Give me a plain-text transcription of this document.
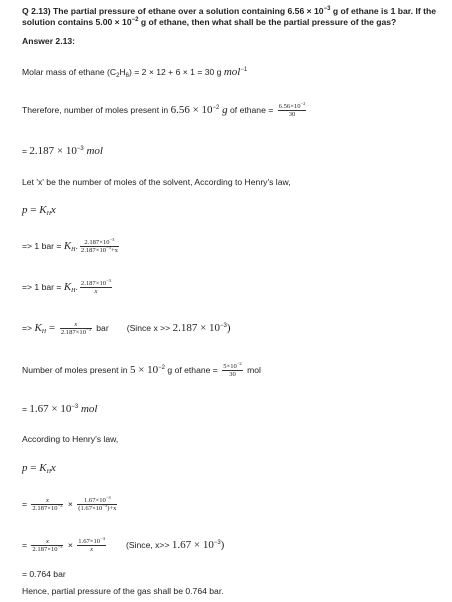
Q 2.13) The partial pressure of ethane over a solution containing $6.56 \times 10^{-3}$ g of ethane is 1 bar. If the
solution contains $5.00 \times 10^{-2}$ g of ethane, then what shall be the partial pressure of the gas?
Answer 2.13:
Molar mass of ethane $(C_2H_6) = 2 \times 12 + 6 \times 1 = 30$ g mol$^{-1}$
Therefore, number of moles present in $6.56 \times 10^{-2}$ g of ethane = $\frac{6.56\times 10^{-2}}{30}$
= $2.187 \times 10^{-3}$ mol
Let 'x' be the number of moles of the solvent, According to Henry's law,
$p = K_Hx$
=> 1 bar = $K_H$. $\frac{2.187\times 10^{-3}}{2.187\times 10^{-3}+x}$
=> 1 bar = $K_H$. $\frac{2.187\times 10^{-3}}{x}$
=> $K_H = \frac{x}{2.187\times 10^{-3}}$ bar (Since $x >> 2.187 \times 10^{-3}$)
Number of moles present in $5 \times 10^{-2}$ g of ethane = $\frac{5\times 10^{-2}}{30}$ mol
= $1.67 \times 10^{-3}$ mol
According to Henry's law,
$p = K_Hx$
= $\frac{x}{2.187\times 10^{-3}} \times \frac{1.67\times 10^{-3}}{(1.67\times 10^{-3})+x}$
= $\frac{x}{2.187\times 10^{-3}} \times \frac{1.67\times 10^{-3}}{x}$ (Since, $x>> 1.67 \times 10^{-3}$)
= 0.764 bar
Hence, partial pressure of the gas shall be 0.764 bar.
